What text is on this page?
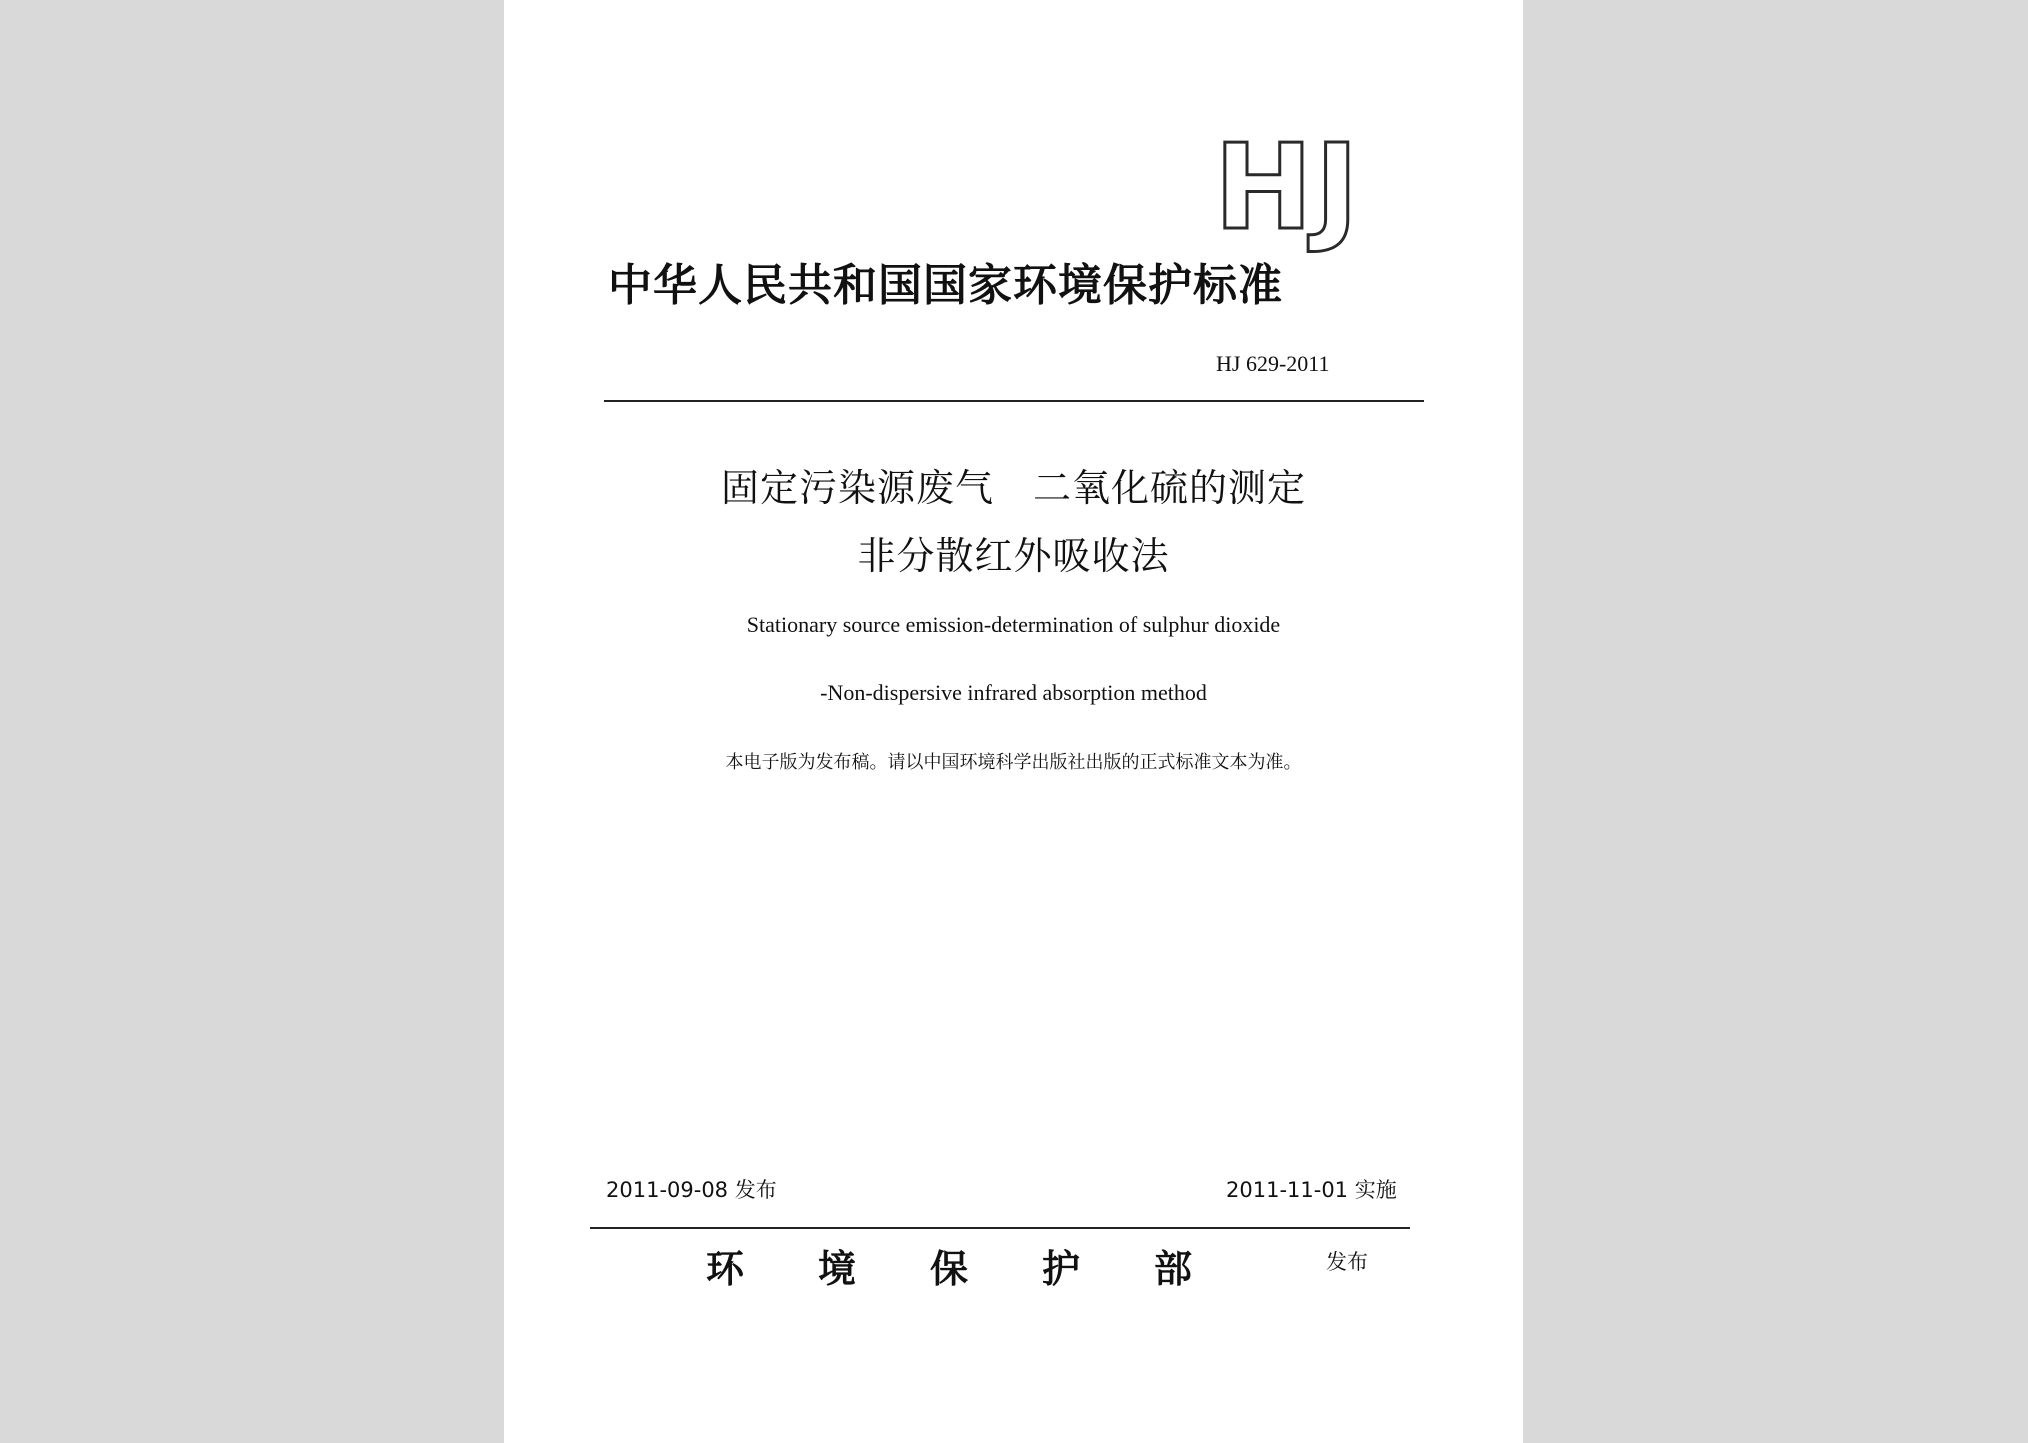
HJ
中华人民共和国国家环境保护标准
HJ 629-2011
固定污染源废气　二氧化硫的测定
非分散红外吸收法
Stationary source emission-determination of sulphur dioxide
-Non-dispersive infrared absorption method
本电子版为发布稿。请以中国环境科学出版社出版的正式标准文本为准。
2011-09-08 发布	2011-11-01 实施
环境保护部	发布
